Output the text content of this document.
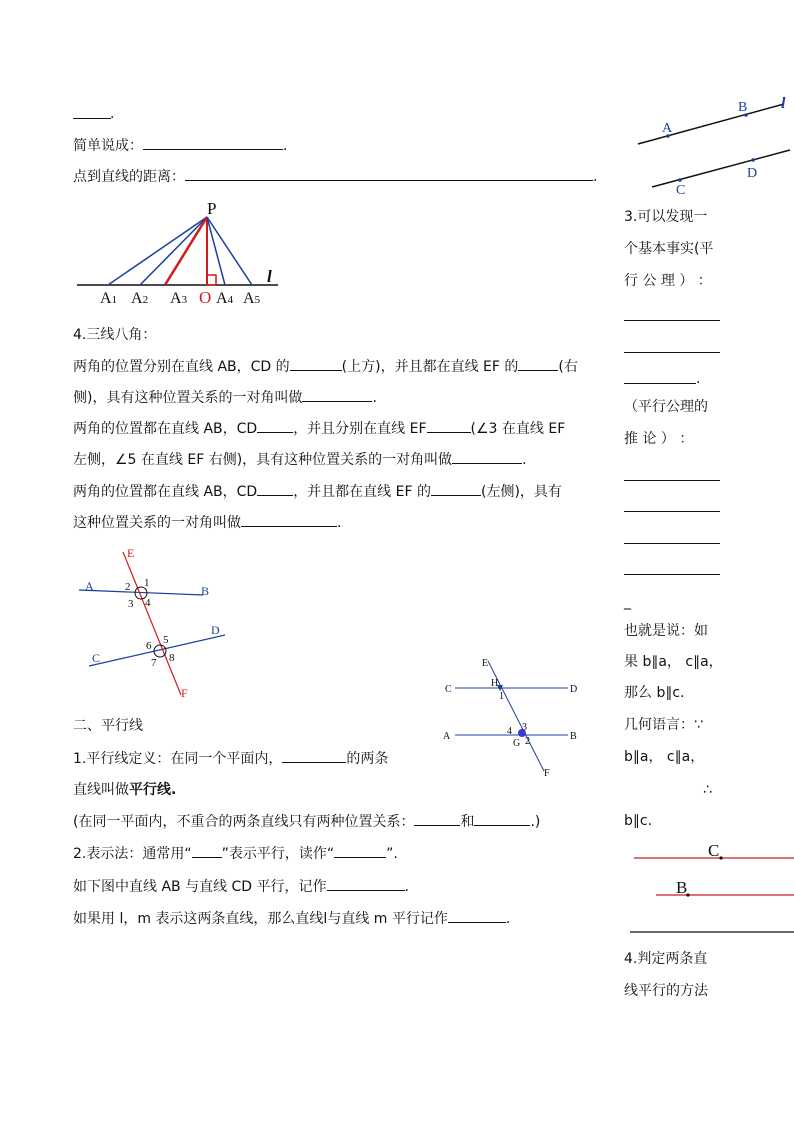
.
简单说成：	.
点到直线的距离：	.
P
l
A1 A2 A3 O A4 A5
4.三线八角：
两角的位置分别在直线 AB，CD 的	(上方)，并且都在直线 EF 的	(右
侧)，具有这种位置关系的一对角叫做	.
两角的位置都在直线 AB，CD	，并且分别在直线 EF	(∠3 在直线 EF
左侧，∠5 在直线 EF 右侧)，具有这种位置关系的一对角叫做	.
两角的位置都在直线 AB，CD	，并且都在直线 EF 的	(左侧)，具有
这种位置关系的一对角叫做	.
E
F
A	B
C
D
1
2
3 4
5
6
7 8	E
F
C	D
A	B
H
G
1
2
3
4
二、平行线
1.平行线定义：在同一个平面内，	的两条
直线叫做平行线.
(在同一平面内，不重合的两条直线只有两种位置关系：	和	.)
2.表示法：通常用“ ”表示平行，读作“	”.
如下图中直线 AB 与直线 CD 平行，记作	.
如果用 l，m 表示这两条直线，那么直线l与直线 m 平行记作	.
A
B l
C
D
3.可以发现一
个基本事实(平
行 公 理 ） ：
.
（平行公理的
推 论 ） ：
_
也就是说：如
果 b∥a， c∥a，
那么 b∥c.
几何语言：∵
b∥a， c∥a，
∴
b∥c.
C
B
4.判定两条直
线平行的方法
